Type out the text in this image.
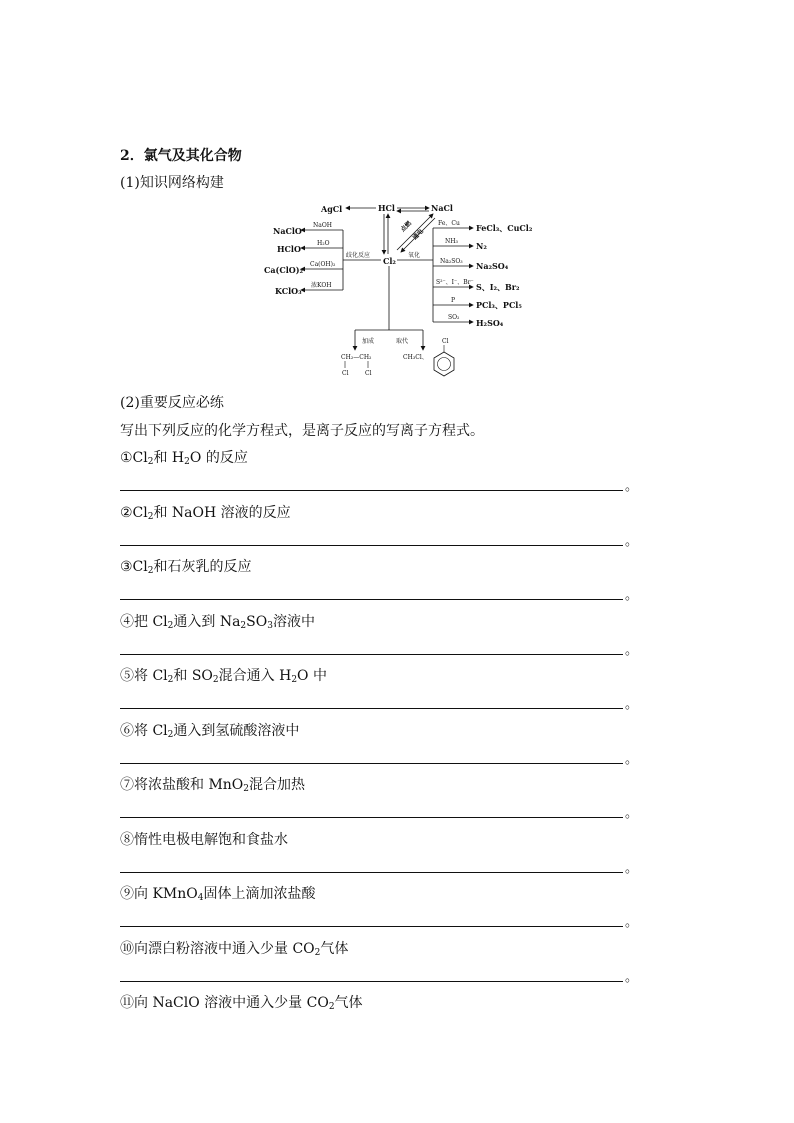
2．氯气及其化合物
(1)知识网络构建
AgCl	HCl	NaCl
点燃
通电
Cl₂
歧化反应
NaClO
NaOH
HClO
H₂O
Ca(ClO)₂
Ca(OH)₂
KClO₃
浓KOH
氧化
Fe、Cu FeCl₃、CuCl₂
NH₃ N₂
Na₂SO₃ Na₂SO₄
S²⁻、I⁻、Br⁻ S、I₂、Br₂
P	PCl₃、PCl₅
SO₂
H₂SO₄
加成	取代
CH₂—CH₂
Cl	Cl
CH₃Cl、
Cl
(2)重要反应必练
写出下列反应的化学方程式，是离子反应的写离子方程式。
$①Cl_2$和 $H_2O$ 的反应
。
$②Cl_2$和 NaOH 溶液的反应
。
$③Cl_2$和石灰乳的反应
。
④把 $Cl_2$通入到 $Na_2SO_3$溶液中
。
⑤将 $Cl_2$和 $SO_2$混合通入 $H_2O$ 中
。
⑥将 $Cl_2$通入到氢硫酸溶液中
。
⑦将浓盐酸和 MnO$_2$混合加热
。
⑧惰性电极电解饱和食盐水
。
⑨向 KMnO$_4$固体上滴加浓盐酸
。
⑩向漂白粉溶液中通入少量 $CO_2$气体
。
⑪向 NaClO 溶液中通入少量 $CO_2$气体
